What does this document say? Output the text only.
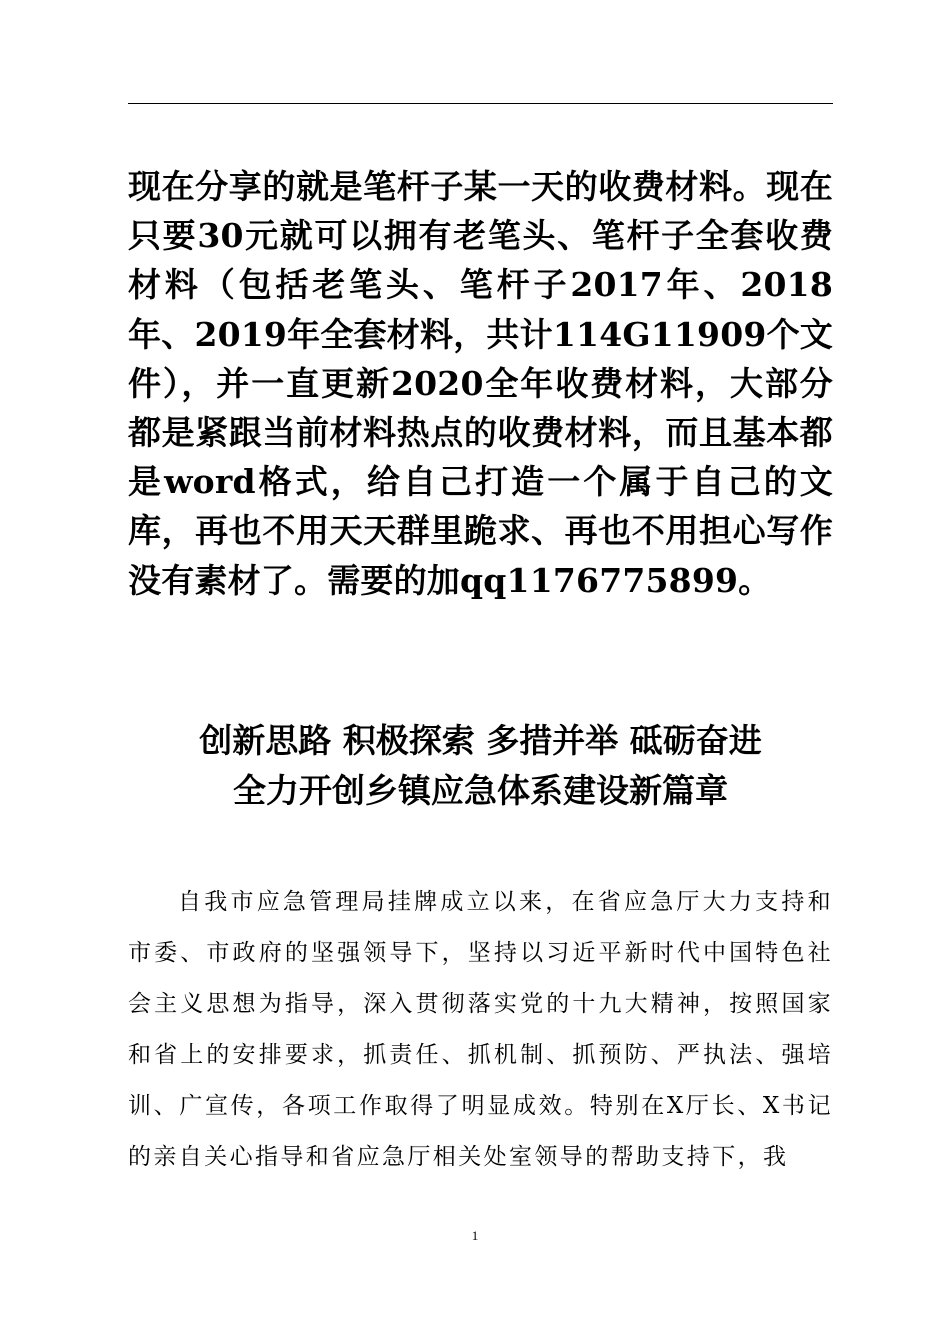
现在分享的就是笔杆子某一天的收费材料。现在只要30元就可以拥有老笔头、笔杆子全套收费材料（包括老笔头、笔杆子2017年、2018年、2019年全套材料，共计114G11909个文件），并一直更新2020全年收费材料，大部分都是紧跟当前材料热点的收费材料，而且基本都是word格式，给自己打造一个属于自己的文库，再也不用天天群里跪求、再也不用担心写作没有素材了。需要的加qq1176775899。
创新思路 积极探索 多措并举 砥砺奋进
全力开创乡镇应急体系建设新篇章
自我市应急管理局挂牌成立以来，在省应急厅大力支持和市委、市政府的坚强领导下，坚持以习近平新时代中国特色社会主义思想为指导，深入贯彻落实党的十九大精神，按照国家和省上的安排要求，抓责任、抓机制、抓预防、严执法、强培训、广宣传，各项工作取得了明显成效。特别在X厅长、X书记的亲自关心指导和省应急厅相关处室领导的帮助支持下，我
1
